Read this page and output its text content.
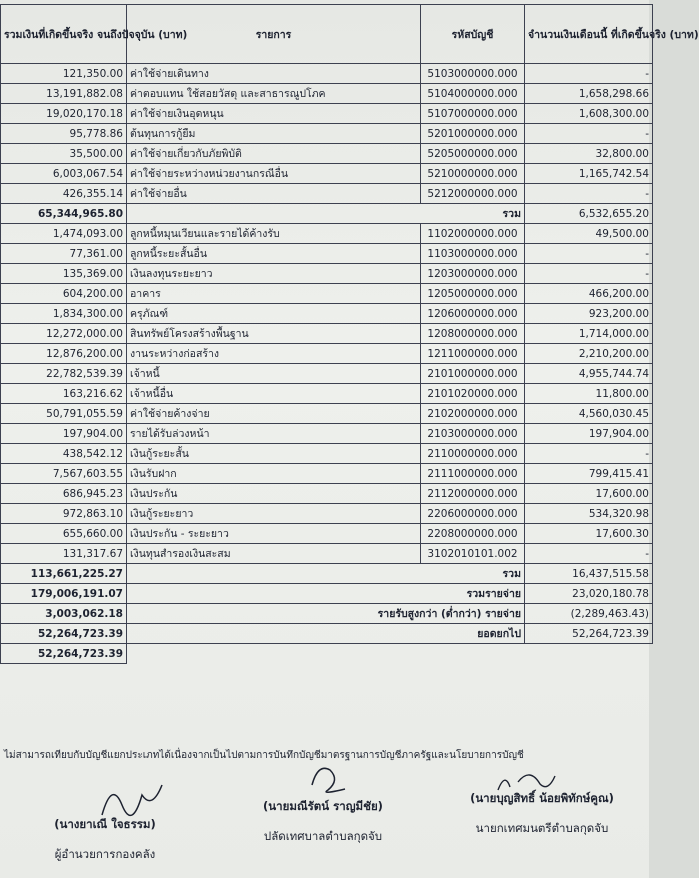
รวมเงินที่เกิดขึ้นจริง จนถึงปัจจุบัน (บาท)	รายการ	รหัสบัญชี	จำนวนเงินเดือนนี้ ที่เกิดขึ้นจริง (บาท)
121,350.00	ค่าใช้จ่ายเดินทาง	5103000000.000	-
13,191,882.08	ค่าตอบแทน ใช้สอยวัสดุ และสาธารณูปโภค	5104000000.000	1,658,298.66
19,020,170.18	ค่าใช้จ่ายเงินอุดหนุน	5107000000.000	1,608,300.00
95,778.86	ต้นทุนการกู้ยืม	5201000000.000	-
35,500.00	ค่าใช้จ่ายเกี่ยวกับภัยพิบัติ	5205000000.000	32,800.00
6,003,067.54	ค่าใช้จ่ายระหว่างหน่วยงานกรณีอื่น	5210000000.000	1,165,742.54
426,355.14	ค่าใช้จ่ายอื่น	5212000000.000	-
65,344,965.80	รวม		6,532,655.20
1,474,093.00	ลูกหนี้หมุนเวียนและรายได้ค้างรับ	1102000000.000	49,500.00
77,361.00	ลูกหนี้ระยะสั้นอื่น	1103000000.000	-
135,369.00	เงินลงทุนระยะยาว	1203000000.000	-
604,200.00	อาคาร	1205000000.000	466,200.00
1,834,300.00	ครุภัณฑ์	1206000000.000	923,200.00
12,272,000.00	สินทรัพย์โครงสร้างพื้นฐาน	1208000000.000	1,714,000.00
12,876,200.00	งานระหว่างก่อสร้าง	1211000000.000	2,210,200.00
22,782,539.39	เจ้าหนี้	2101000000.000	4,955,744.74
163,216.62	เจ้าหนี้อื่น	2101020000.000	11,800.00
50,791,055.59	ค่าใช้จ่ายค้างจ่าย	2102000000.000	4,560,030.45
197,904.00	รายได้รับล่วงหน้า	2103000000.000	197,904.00
438,542.12	เงินกู้ระยะสั้น	2110000000.000	-
7,567,603.55	เงินรับฝาก	2111000000.000	799,415.41
686,945.23	เงินประกัน	2112000000.000	17,600.00
972,863.10	เงินกู้ระยะยาว	2206000000.000	534,320.98
655,660.00	เงินประกัน - ระยะยาว	2208000000.000	17,600.30
131,317.67	เงินทุนสำรองเงินสะสม	3102010101.002	-
113,661,225.27	รวม		16,437,515.58
179,006,191.07	รวมรายจ่าย		23,020,180.78
3,003,062.18	รายรับสูงกว่า (ต่ำกว่า) รายจ่าย		(2,289,463.43)
52,264,723.39	ยอดยกไป		52,264,723.39
52,264,723.39			
ไม่สามารถเทียบกับบัญชีแยกประเภทได้เนื่องจากเป็นไปตามการบันทึกบัญชีมาตรฐานการบัญชีภาครัฐและนโยบายการบัญชี
(นางยาเณี ใจธรรม)
ผู้อำนวยการกองคลัง
(นายมณีรัตน์ ราญมีชัย)
ปลัดเทศบาลตำบลกุดจับ
(นายบุญสิทธิ์ น้อยพิทักษ์คูณ)
นายกเทศมนตรีตำบลกุดจับ
